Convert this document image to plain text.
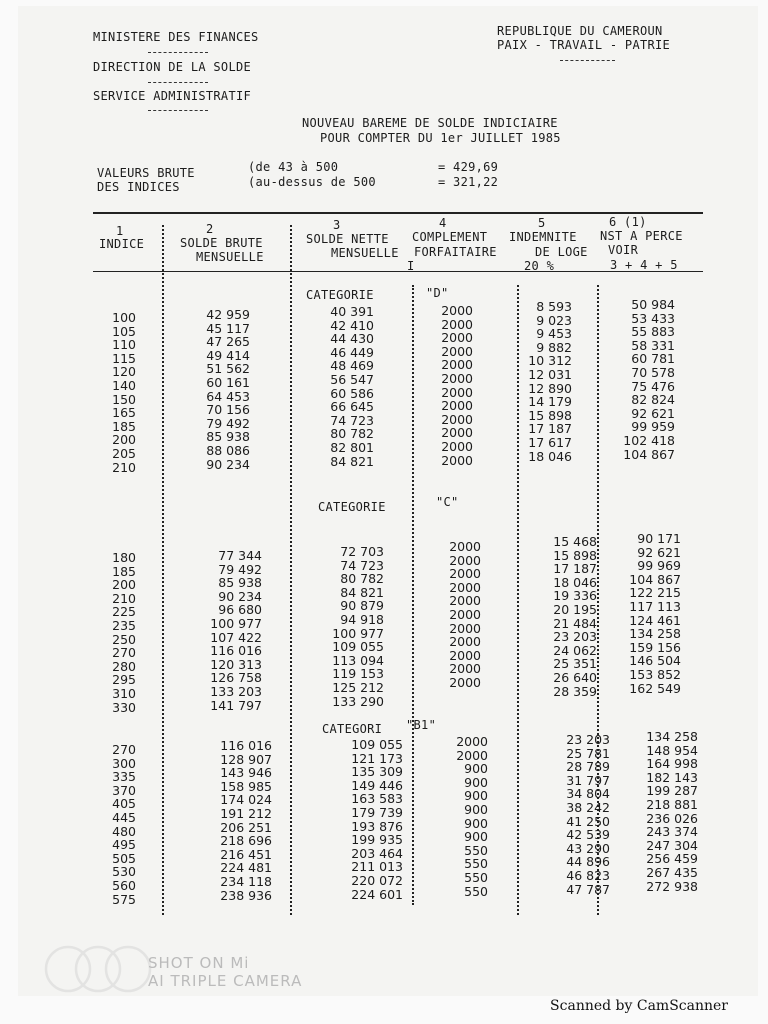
MINISTERE DES FINANCES
DIRECTION DE LA SOLDE
SERVICE ADMINISTRATIF
REPUBLIQUE DU CAMEROUN
PAIX - TRAVAIL - PATRIE
NOUVEAU BAREME DE SOLDE INDICIAIRE
POUR COMPTER DU 1er JUILLET 1985
VALEURS BRUTE
DES INDICES
(de 43 à 500
(au-dessus de 500
= 429,69
= 321,22
1
INDICE
2
SOLDE BRUTE
MENSUELLE
3
SOLDE NETTE
MENSUELLE
4
COMPLEMENT
FORFAITAIRE
5
INDEMNITE
DE LOGE
20 %
6 (1)
NST A PERCE
VOIR
3 + 4 + 5
I
CATEGORIE	"D"
100
105
110
115
120
140
150
165
185
200
205
210
42 959
45 117
47 265
49 414
51 562
60 161
64 453
70 156
79 492
85 938
88 086
90 234
40 391
42 410
44 430
46 449
48 469
56 547
60 586
66 645
74 723
80 782
82 801
84 821
2000
2000
2000
2000
2000
2000
2000
2000
2000
2000
2000
2000
8 593
9 023
9 453
9 882
10 312
12 031
12 890
14 179
15 898
17 187
17 617
18 046
50 984
53 433
55 883
58 331
60 781
70 578
75 476
82 824
92 621
99 959
102 418
104 867
CATEGORIE	"C"
180
185
200
210
225
235
250
270
280
295
310
330
77 344
79 492
85 938
90 234
96 680
100 977
107 422
116 016
120 313
126 758
133 203
141 797
72 703
74 723
80 782
84 821
90 879
94 918
100 977
109 055
113 094
119 153
125 212
133 290
2000
2000
2000
2000
2000
2000
2000
2000
2000
2000
2000

15 468
15 898
17 187
18 046
19 336
20 195
21 484
23 203
24 062
25 351
26 640
28 359
90 171
92 621
99 969
104 867
122 215
117 113
124 461
134 258
159 156
146 504
153 852
162 549
CATEGORI "B1"
270
300
335
370
405
445
480
495
505
530
560
575
116 016
128 907
143 946
158 985
174 024
191 212
206 251
218 696
216 451
224 481
234 118
238 936
109 055
121 173
135 309
149 446
163 583
179 739
193 876
199 935
203 464
211 013
220 072
224 601
2000
2000
900
900
900
900
900
900
550
550
550
550
23 203
25 781
28 789
31 797
34 804
38 242
41 250
42 539
43 290
44 896
46 823
47 787
134 258
148 954
164 998
182 143
199 287
218 881
236 026
243 374
247 304
256 459
267 435
272 938
SHOT ON Mi
AI TRIPLE CAMERA
Scanned by CamScanner
